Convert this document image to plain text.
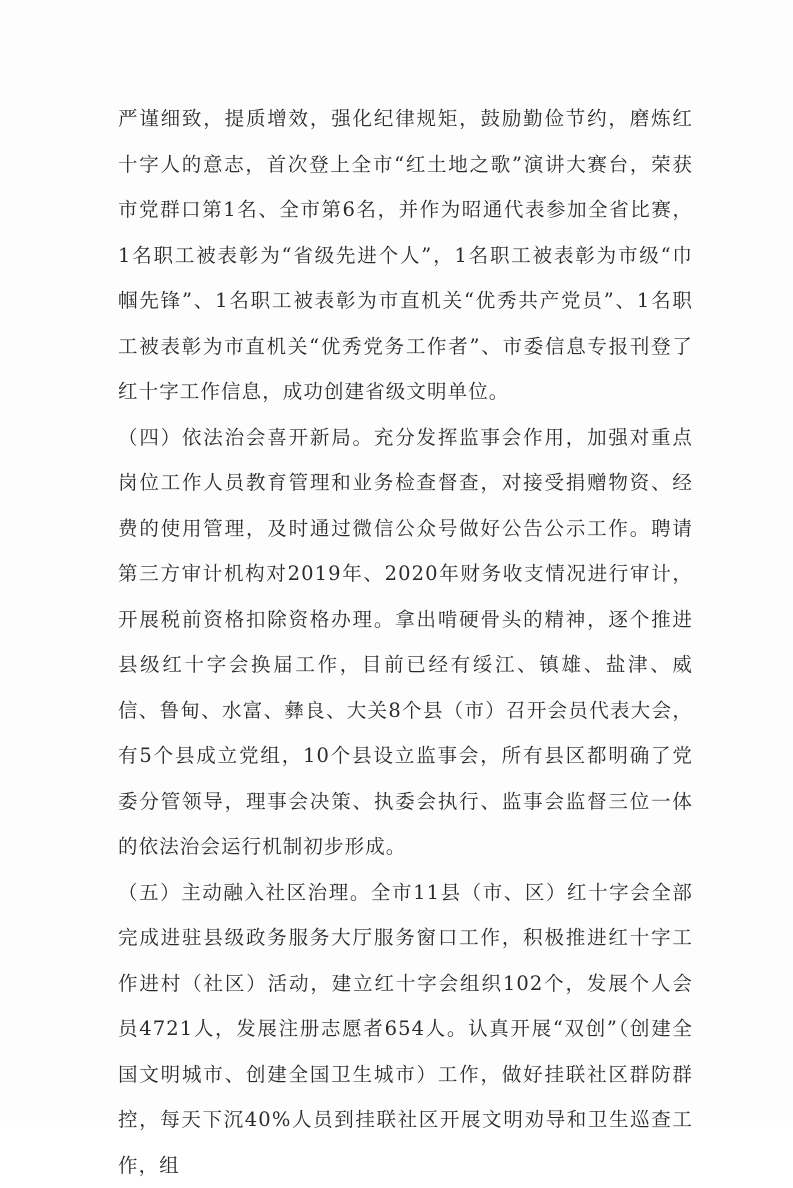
严谨细致，提质增效，强化纪律规矩，鼓励勤俭节约，磨炼红十字人的意志，首次登上全市“红土地之歌”演讲大赛台，荣获市党群口第1名、全市第6名，并作为昭通代表参加全省比赛，1名职工被表彰为“省级先进个人”，1名职工被表彰为市级“巾帼先锋”、1名职工被表彰为市直机关“优秀共产党员”、1名职工被表彰为市直机关“优秀党务工作者”、市委信息专报刊登了红十字工作信息，成功创建省级文明单位。

（四）依法治会喜开新局。充分发挥监事会作用，加强对重点岗位工作人员教育管理和业务检查督查，对接受捐赠物资、经费的使用管理，及时通过微信公众号做好公告公示工作。聘请第三方审计机构对2019年、2020年财务收支情况进行审计，开展税前资格扣除资格办理。拿出啃硬骨头的精神，逐个推进县级红十字会换届工作，目前已经有绥江、镇雄、盐津、威信、鲁甸、水富、彝良、大关8个县（市）召开会员代表大会，有5个县成立党组，10个县设立监事会，所有县区都明确了党委分管领导，理事会决策、执委会执行、监事会监督三位一体的依法治会运行机制初步形成。

（五）主动融入社区治理。全市11县（市、区）红十字会全部完成进驻县级政务服务大厅服务窗口工作，积极推进红十字工作进村（社区）活动，建立红十字会组织102个，发展个人会员4721人，发展注册志愿者654人。认真开展“双创”（创建全国文明城市、创建全国卫生城市）工作，做好挂联社区群防群控，每天下沉40%人员到挂联社区开展文明劝导和卫生巡查工作，组
